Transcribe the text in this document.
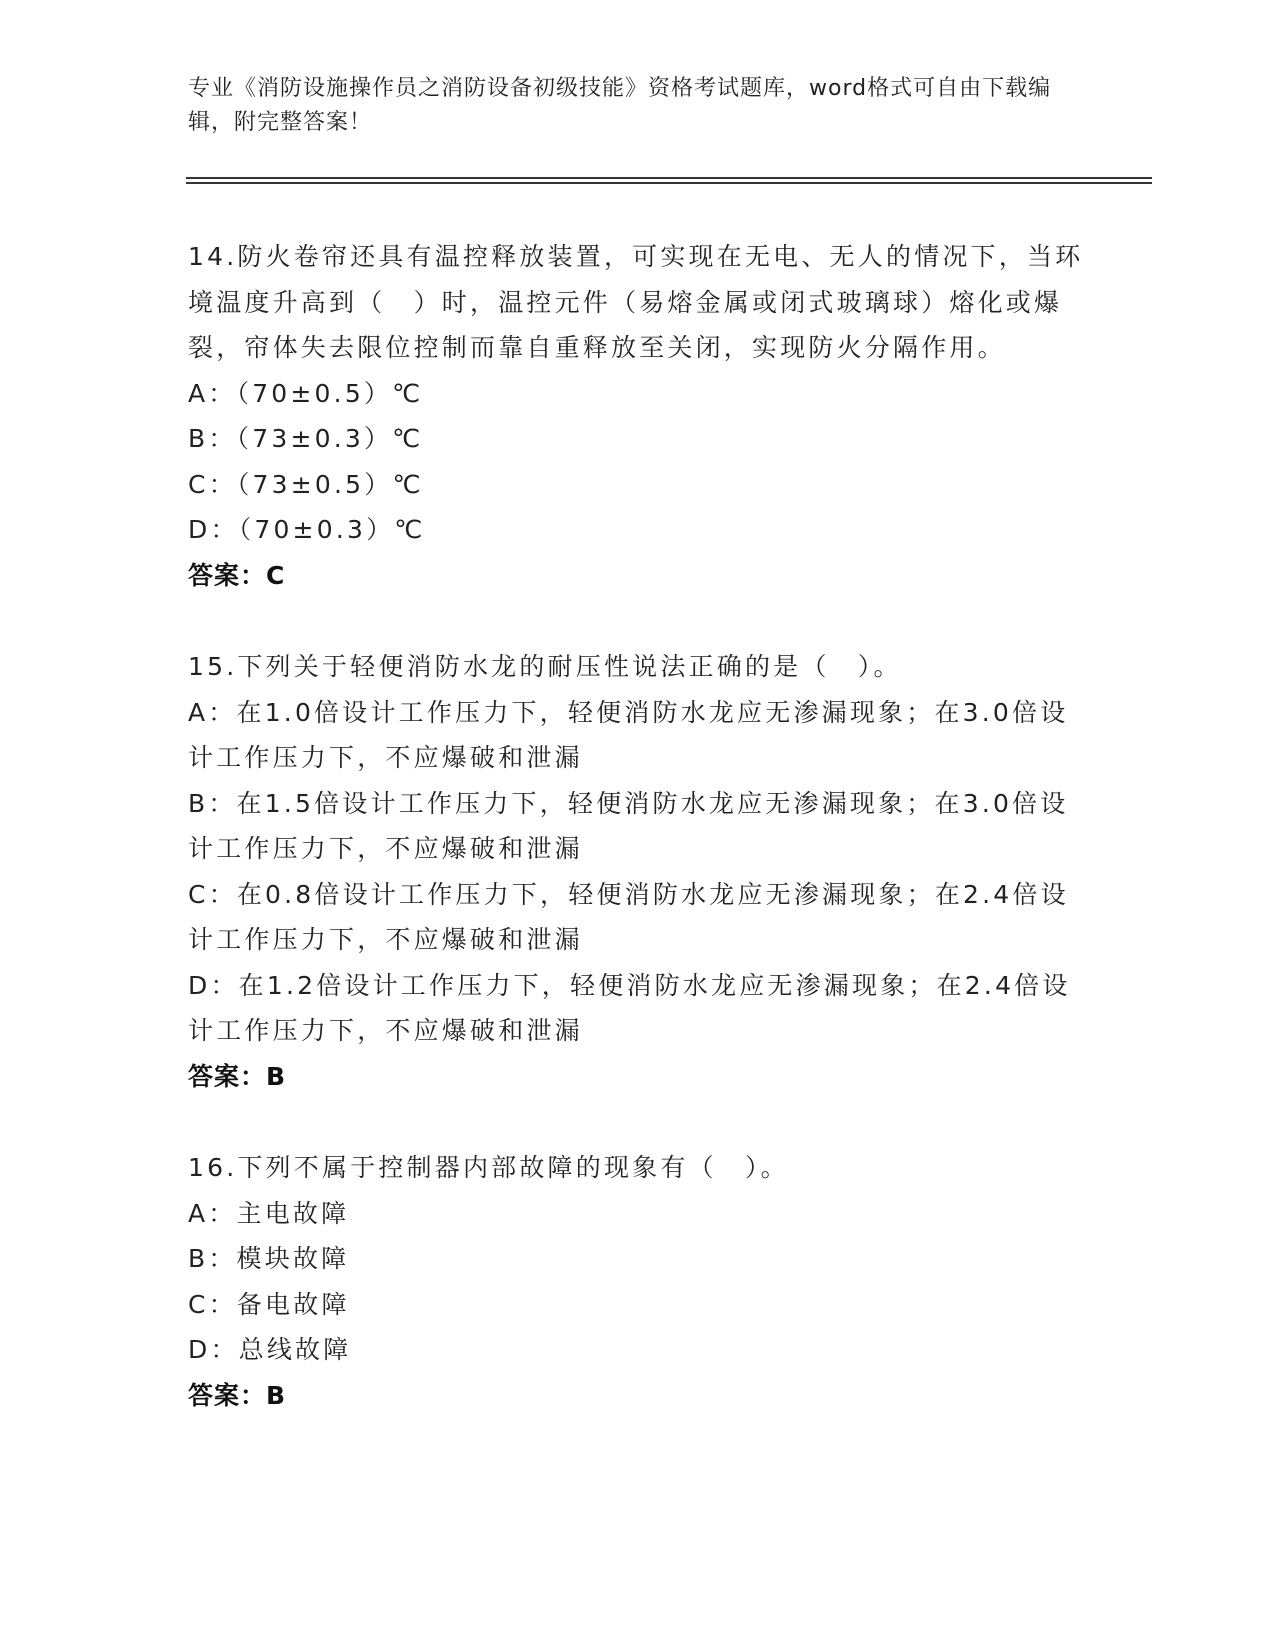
专业《消防设施操作员之消防设备初级技能》资格考试题库，word格式可自由下载编辑，附完整答案！

14.防火卷帘还具有温控释放装置，可实现在无电、无人的情况下，当环境温度升高到（　）时，温控元件（易熔金属或闭式玻璃球）熔化或爆裂，帘体失去限位控制而靠自重释放至关闭，实现防火分隔作用。

A：（70±0.5）℃

B：（73±0.3）℃

C：（73±0.5）℃

D：（70±0.3）℃

答案：C

15.下列关于轻便消防水龙的耐压性说法正确的是（　）。

A：在1.0倍设计工作压力下，轻便消防水龙应无渗漏现象；在3.0倍设计工作压力下，不应爆破和泄漏

B：在1.5倍设计工作压力下，轻便消防水龙应无渗漏现象；在3.0倍设计工作压力下，不应爆破和泄漏

C：在0.8倍设计工作压力下，轻便消防水龙应无渗漏现象；在2.4倍设计工作压力下，不应爆破和泄漏

D：在1.2倍设计工作压力下，轻便消防水龙应无渗漏现象；在2.4倍设计工作压力下，不应爆破和泄漏

答案：B

16.下列不属于控制器内部故障的现象有（　）。

A：主电故障

B：模块故障

C：备电故障

D：总线故障

答案：B
